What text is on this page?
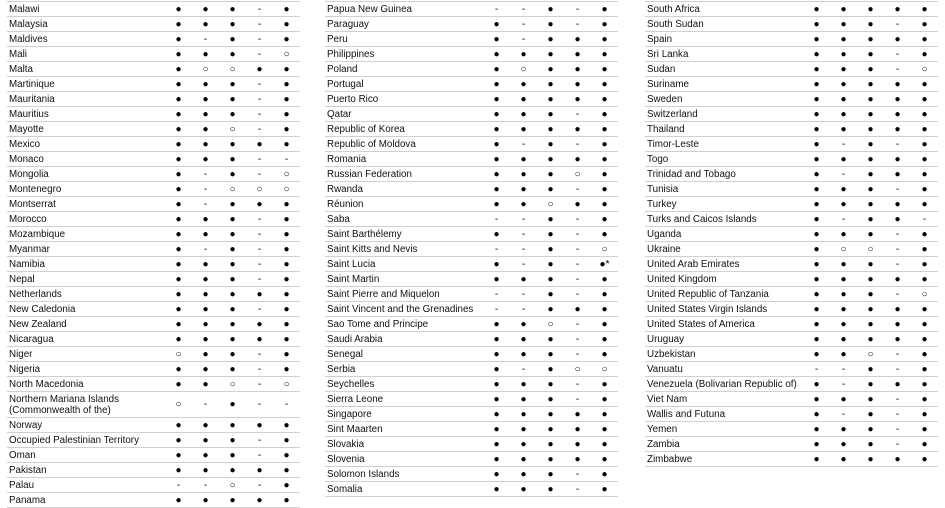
Malawi	●	●	●	-	●
Malaysia	●	●	●	-	●
Maldives	●	-	●	-	●
Mali	●	●	●	-	○
Malta	●	○	○	●	●
Martinique	●	●	●	-	●
Mauritania	●	●	●	-	●
Mauritius	●	●	●	-	●
Mayotte	●	●	○	-	●
Mexico	●	●	●	●	●
Monaco	●	●	●	-	-
Mongolia	●	-	●	-	○
Montenegro	●	-	○	○	○
Montserrat	●	-	●	●	●
Morocco	●	●	●	-	●
Mozambique	●	●	●	-	●
Myanmar	●	-	●	-	●
Namibia	●	●	●	-	●
Nepal	●	●	●	-	●
Netherlands	●	●	●	●	●
New Caledonia	●	●	●	-	●
New Zealand	●	●	●	●	●
Nicaragua	●	●	●	●	●
Niger	○	●	●	-	●
Nigeria	●	●	●	-	●
North Macedonia	●	●	○	-	○
Northern Mariana Islands (Commonwealth of the)	○	-	●	-	-
Norway	●	●	●	●	●
Occupied Palestinian Territory	●	●	●	-	●
Oman	●	●	●	-	●
Pakistan	●	●	●	●	●
Palau	-	-	○	-	●
Panama	●	●	●	●	●
Papua New Guinea	-	-	●	-	●
Paraguay	●	-	●	-	●
Peru	●	-	●	●	●
Philippines	●	●	●	●	●
Poland	●	○	●	●	●
Portugal	●	●	●	●	●
Puerto Rico	●	●	●	●	●
Qatar	●	●	●	-	●
Republic of Korea	●	●	●	●	●
Republic of Moldova	●	-	●	-	●
Romania	●	●	●	●	●
Russian Federation	●	●	●	○	●
Rwanda	●	●	●	-	●
Réunion	●	●	○	●	●
Saba	-	-	●	-	●
Saint Barthélemy	●	-	●	-	●
Saint Kitts and Nevis	-	-	●	-	○
Saint Lucia	●	-	●	-	●*
Saint Martin	●	●	●	-	●
Saint Pierre and Miquelon	-	-	●	-	●
Saint Vincent and the Grenadines	-	-	●	●	●
Sao Tome and Principe	●	●	○	-	●
Saudi Arabia	●	●	●	-	●
Senegal	●	●	●	-	●
Serbia	●	-	●	○	○
Seychelles	●	●	●	-	●
Sierra Leone	●	●	●	-	●
Singapore	●	●	●	●	●
Sint Maarten	●	●	●	●	●
Slovakia	●	●	●	●	●
Slovenia	●	●	●	●	●
Solomon Islands	●	●	●	-	●
Somalia	●	●	●	-	●
South Africa	●	●	●	●	●
South Sudan	●	●	●	-	●
Spain	●	●	●	●	●
Sri Lanka	●	●	●	-	●
Sudan	●	●	●	-	○
Suriname	●	●	●	●	●
Sweden	●	●	●	●	●
Switzerland	●	●	●	●	●
Thailand	●	●	●	●	●
Timor-Leste	●	-	●	-	●
Togo	●	●	●	●	●
Trinidad and Tobago	●	-	●	●	●
Tunisia	●	●	●	-	●
Turkey	●	●	●	●	●
Turks and Caicos Islands	●	-	●	●	-
Uganda	●	●	●	-	●
Ukraine	●	○	○	-	●
United Arab Emirates	●	●	●	-	●
United Kingdom	●	●	●	●	●
United Republic of Tanzania	●	●	●	-	○
United States Virgin Islands	●	●	●	●	●
United States of America	●	●	●	●	●
Uruguay	●	●	●	●	●
Uzbekistan	●	●	○	-	●
Vanuatu	-	-	●	-	●
Venezuela (Bolivarian Republic of)	●	-	●	●	●
Viet Nam	●	●	●	-	●
Wallis and Futuna	●	-	●	-	●
Yemen	●	●	●	-	●
Zambia	●	●	●	-	●
Zimbabwe	●	●	●	●	●
